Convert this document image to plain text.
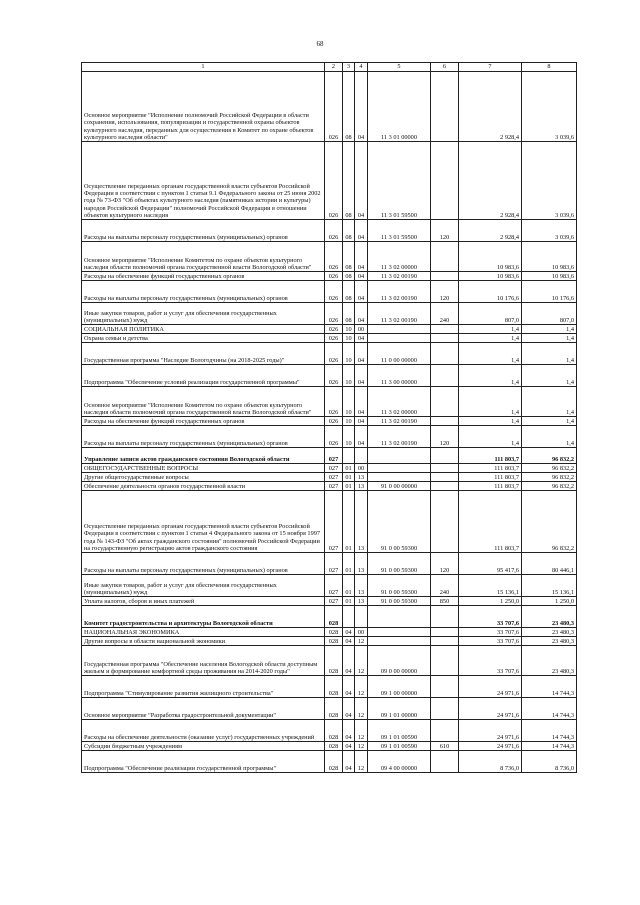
68
1	2	3	4	5	6	7	8
Основное мероприятие "Исполнение полномочий Российской Федерации в области сохранения, использования, популяризации и государственной охраны объектов культурного наследия, переданных для осуществления в Комитет по охране объектов культурного наследия области"	026	08	04	11 3 01 00000		2 928,4	3 039,6
Осуществление переданных органам государственной власти субъектов Российской Федерации в соответствии с пунктом 1 статьи 9.1 Федерального закона от 25 июня 2002 года № 73-ФЗ "Об объектах культурного наследия (памятниках истории и культуры) народов Российской Федерации" полномочий Российской Федерации в отношении объектов культурного наследия	026	08	04	11 3 01 59500		2 928,4	3 039,6
Расходы на выплаты персоналу государственных (муниципальных) органов	026	08	04	11 3 01 59500	120	2 928,4	3 039,6
Основное мероприятие "Исполнение Комитетом по охране объектов культурного наследия области полномочий органа государственной власти Вологодской области"	026	08	04	11 3 02 00000		10 983,6	10 983,6
Расходы на обеспечение функций государственных органов	026	08	04	11 3 02 00190		10 983,6	10 983,6
Расходы на выплаты персоналу государственных (муниципальных) органов	026	08	04	11 3 02 00190	120	10 176,6	10 176,6
Иные закупки товаров, работ и услуг для обеспечения государственных (муниципальных) нужд	026	08	04	11 3 02 00190	240	807,0	807,0
СОЦИАЛЬНАЯ ПОЛИТИКА	026	10	00			1,4	1,4
Охрана семьи и детства	026	10	04			1,4	1,4
Государственная программа "Наследие Вологодчины (на 2018-2025 годы)"	026	10	04	11 0 00 00000		1,4	1,4
Подпрограмма "Обеспечение условий реализации государственной программы"	026	10	04	11 3 00 00000		1,4	1,4
Основное мероприятие "Исполнение Комитетом по охране объектов культурного наследия области полномочий органа государственной власти Вологодской области"	026	10	04	11 3 02 00000		1,4	1,4
Расходы на обеспечение функций государственных органов	026	10	04	11 3 02 00190		1,4	1,4
Расходы на выплаты персоналу государственных (муниципальных) органов	026	10	04	11 3 02 00190	120	1,4	1,4
Управление записи актов гражданского состояния Вологодской области	027					111 803,7	96 832,2
ОБЩЕГОСУДАРСТВЕННЫЕ ВОПРОСЫ	027	01	00			111 803,7	96 832,2
Другие общегосударственные вопросы	027	01	13			111 803,7	96 832,2
Обеспечение деятельности органов государственной власти	027	01	13	91 0 00 00000		111 803,7	96 832,2
Осуществление переданных органам государственной власти субъектов Российской Федерации в соответствии с пунктом 1 статьи 4 Федерального закона от 15 ноября 1997 года № 143-ФЗ "Об актах гражданского состояния" полномочий Российской Федерации на государственную регистрацию актов гражданского состояния	027	01	13	91 0 00 59300		111 803,7	96 832,2
Расходы на выплаты персоналу государственных (муниципальных) органов	027	01	13	91 0 00 59300	120	95 417,6	80 446,1
Иные закупки товаров, работ и услуг для обеспечения государственных (муниципальных) нужд	027	01	13	91 0 00 59300	240	15 136,1	15 136,1
Уплата налогов, сборов и иных платежей	027	01	13	91 0 00 59300	850	1 250,0	1 250,0
Комитет градостроительства и архитектуры Вологодской области	028					33 707,6	23 480,3
НАЦИОНАЛЬНАЯ ЭКОНОМИКА	028	04	00			33 707,6	23 480,3
Другие вопросы в области национальной экономики	028	04	12			33 707,6	23 480,3
Государственная программа "Обеспечение населения Вологодской области доступным жильем и формирование комфортной среды проживания на 2014-2020 годы"	028	04	12	09 0 00 00000		33 707,6	23 480,3
Подпрограмма "Стимулирование развития жилищного строительства"	028	04	12	09 1 00 00000		24 971,6	14 744,3
Основное мероприятие "Разработка градостроительной документации"	028	04	12	09 1 01 00000		24 971,6	14 744,3
Расходы на обеспечение деятельности (оказание услуг) государственных учреждений	028	04	12	09 1 01 00590		24 971,6	14 744,3
Субсидии бюджетным учреждениям	028	04	12	09 1 01 00590	610	24 971,6	14 744,3
Подпрограмма "Обеспечение реализации государственной программы"	028	04	12	09 4 00 00000		8 736,0	8 736,0
